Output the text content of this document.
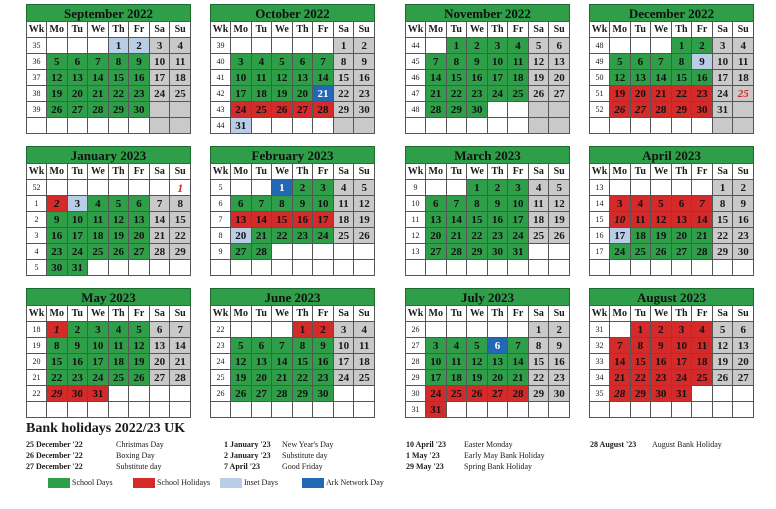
September 2022
Wk	Mo	Tu	We	Th	Fr	Sa	Su
35				1	2	3	4
36	5	6	7	8	9	10	11
37	12	13	14	15	16	17	18
38	19	20	21	22	23	24	25
39	26	27	28	29	30		

October 2022
Wk	Mo	Tu	We	Th	Fr	Sa	Su
39						1	2
40	3	4	5	6	7	8	9
41	10	11	12	13	14	15	16
42	17	18	19	20	21	22	23
43	24	25	26	27	28	29	30
44	31						
November 2022
Wk	Mo	Tu	We	Th	Fr	Sa	Su
44		1	2	3	4	5	6
45	7	8	9	10	11	12	13
46	14	15	16	17	18	19	20
47	21	22	23	24	25	26	27
48	28	29	30				

December 2022
Wk	Mo	Tu	We	Th	Fr	Sa	Su
48				1	2	3	4
49	5	6	7	8	9	10	11
50	12	13	14	15	16	17	18
51	19	20	21	22	23	24	25
52	26	27	28	29	30	31	

January 2023
Wk	Mo	Tu	We	Th	Fr	Sa	Su
52							1
1	2	3	4	5	6	7	8
2	9	10	11	12	13	14	15
3	16	17	18	19	20	21	22
4	23	24	25	26	27	28	29
5	30	31					
February 2023
Wk	Mo	Tu	We	Th	Fr	Sa	Su
5			1	2	3	4	5
6	6	7	8	9	10	11	12
7	13	14	15	16	17	18	19
8	20	21	22	23	24	25	26
9	27	28					

March 2023
Wk	Mo	Tu	We	Th	Fr	Sa	Su
9			1	2	3	4	5
10	6	7	8	9	10	11	12
11	13	14	15	16	17	18	19
12	20	21	22	23	24	25	26
13	27	28	29	30	31		

April 2023
Wk	Mo	Tu	We	Th	Fr	Sa	Su
13						1	2
14	3	4	5	6	7	8	9
15	10	11	12	13	14	15	16
16	17	18	19	20	21	22	23
17	24	25	26	27	28	29	30

May 2023
Wk	Mo	Tu	We	Th	Fr	Sa	Su
18	1	2	3	4	5	6	7
19	8	9	10	11	12	13	14
20	15	16	17	18	19	20	21
21	22	23	24	25	26	27	28
22	29	30	31				

June 2023
Wk	Mo	Tu	We	Th	Fr	Sa	Su
22				1	2	3	4
23	5	6	7	8	9	10	11
24	12	13	14	15	16	17	18
25	19	20	21	22	23	24	25
26	26	27	28	29	30		

July 2023
Wk	Mo	Tu	We	Th	Fr	Sa	Su
26						1	2
27	3	4	5	6	7	8	9
28	10	11	12	13	14	15	16
29	17	18	19	20	21	22	23
30	24	25	26	27	28	29	30
31	31						
August 2023
Wk	Mo	Tu	We	Th	Fr	Sa	Su
31		1	2	3	4	5	6
32	7	8	9	10	11	12	13
33	14	15	16	17	18	19	20
34	21	22	23	24	25	26	27
35	28	29	30	31			

Bank holidays 2022/23 UK
25 December '22	Christmas Day
26 December '22	Boxing Day
27 December '22	Substitute day
1 January '23 New Year's Day
2 January '23 Substitute day
7 April '23	Good Friday
10 April '23 Easter Monday
1 May '23	Early May Bank Holiday
29 May '23	Spring Bank Holiday
28 August '23 August Bank Holiday
School Days	School Holidays	Inset Days	Ark Network Day
